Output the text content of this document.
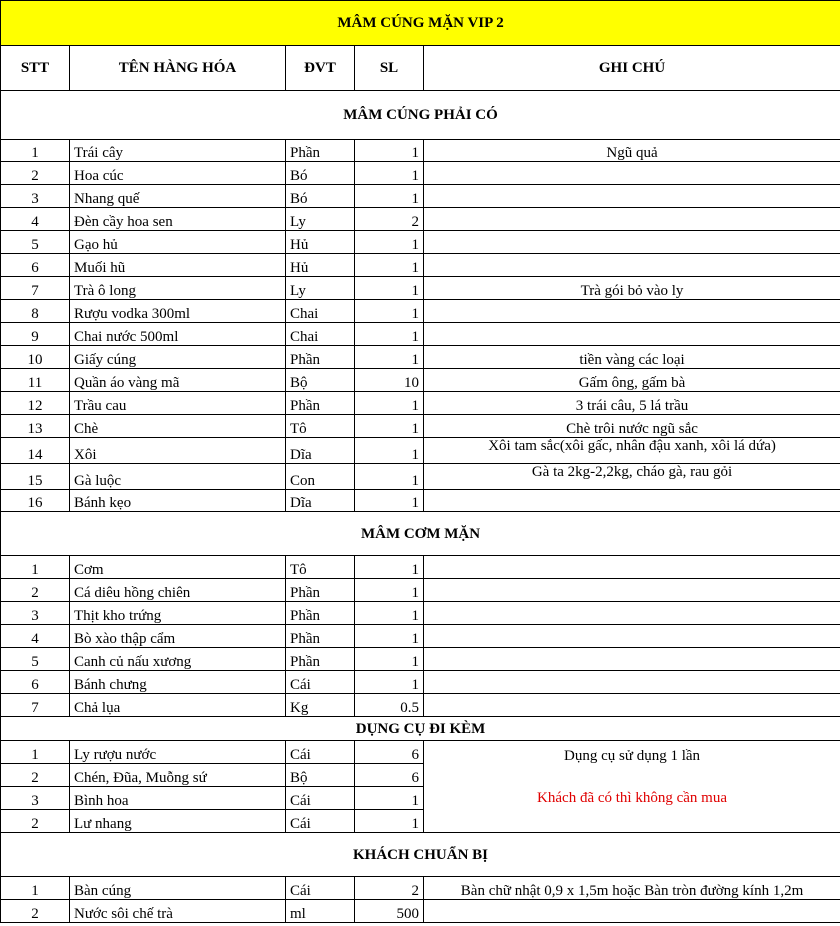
MÂM CÚNG MẶN VIP 2				
STT	TÊN HÀNG HÓA	ĐVT	SL	GHI CHÚ
MÂM CÚNG PHẢI CÓ				
1	Trái cây	Phần	1	Ngũ quả
2	Hoa cúc	Bó	1	
3	Nhang quế	Bó	1	
4	Đèn cầy hoa sen	Ly	2	
5	Gạo hủ	Hủ	1	
6	Muối hũ	Hủ	1	
7	Trà ô long	Ly	1	Trà gói bỏ vào ly
8	Rượu vodka 300ml	Chai	1	
9	Chai nước 500ml	Chai	1	
10	Giấy cúng	Phần	1	tiền vàng các loại
11	Quần áo vàng mã	Bộ	10	Gấm ông, gấm bà
12	Trầu cau	Phần	1	3 trái câu, 5 lá trầu
13	Chè	Tô	1	Chè trôi nước ngũ sắc
14	Xôi	Dĩa	1	Xôi tam sắc(xôi gấc, nhân đậu xanh, xôi lá dứa)
15	Gà luộc	Con	1	Gà ta 2kg-2,2kg, cháo gà, rau gỏi
16	Bánh kẹo	Dĩa	1	
MÂM CƠM MẶN				
1	Cơm	Tô	1	
2	Cá diêu hồng chiên	Phần	1	
3	Thịt kho trứng	Phần	1	
4	Bò xào thập cẩm	Phần	1	
5	Canh củ nấu xương	Phần	1	
6	Bánh chưng	Cái	1	
7	Chả lụa	Kg	0.5	
DỤNG CỤ ĐI KÈM				
1	Ly rượu nước	Cái	6	Dụng cụ sử dụng 1 lần
2	Chén, Đũa, Muỗng sứ	Bộ	6	Khách đã có thì không cần mua
3	Bình hoa	Cái	1	
2	Lư nhang	Cái	1	
KHÁCH CHUẨN BỊ				
1	Bàn cúng	Cái	2	Bàn chữ nhật 0,9 x 1,5m hoặc Bàn tròn đường kính 1,2m
2	Nước sôi chế trà	ml	500	
